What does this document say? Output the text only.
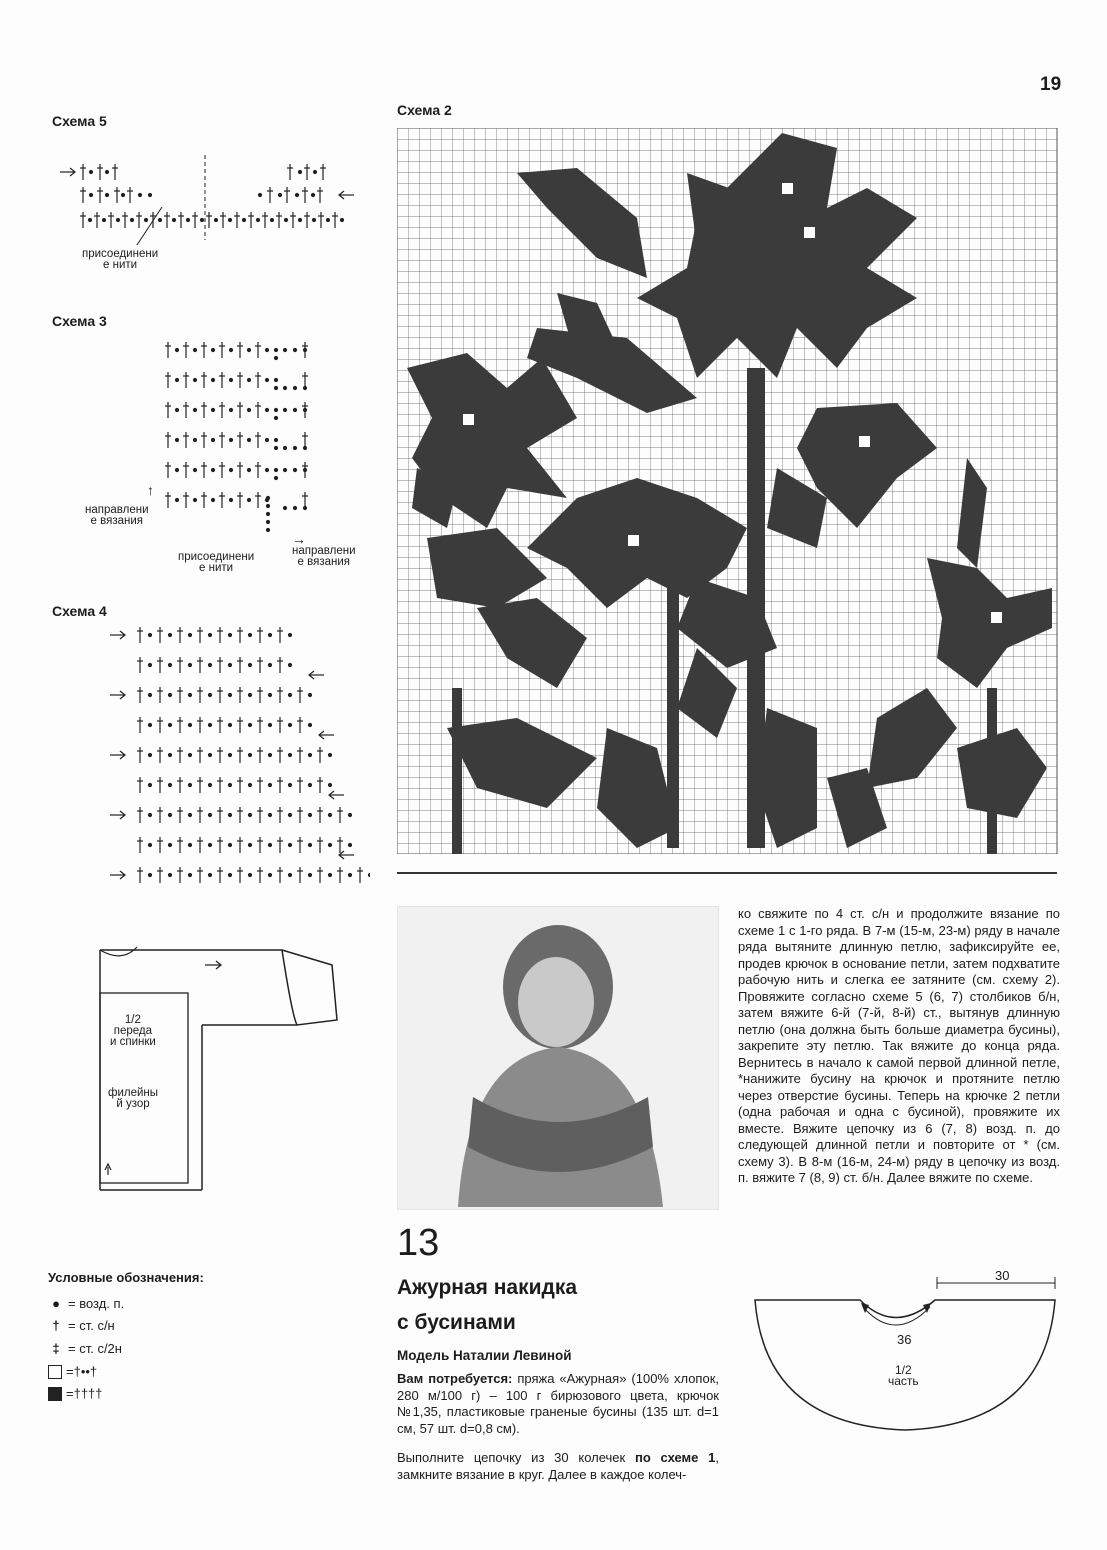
19
Схема 5
присоединени
е нити
Схема 3
↑
направлени
е вязания
присоединени
е нити
→
направлени
е вязания
Схема 4
1/2
переда
и спинки
филейны
й узор
Условные обозначения:
● = возд. п.
† = ст. с/н
‡ = ст. с/2н
=†••†
=††††
Схема 2
13
Ажурная накидка
с бусинами
Модель Наталии Левиной
Вам потребуется: пряжа «Ажурная» (100% хлопок, 280 м/100 г) – 100 г бирюзового цвета, крючок №1,35, пластиковые граненые бусины (135 шт. d=1 см, 57 шт. d=0,8 см).
Выполните цепочку из 30 колечек по схеме 1, замкните вязание в круг. Далее в каждое колеч-
ко свяжите по 4 ст. с/н и продолжите вязание по схеме 1 с 1-го ряда. В 7-м (15-м, 23-м) ряду в начале ряда вытяните длинную петлю, зафиксируйте ее, продев крючок в основание петли, затем подхватите рабочую нить и слегка ее затяните (см. схему 2). Провяжите согласно схеме 5 (6, 7) столбиков б/н, затем вяжите 6-й (7-й, 8-й) ст., вытянув длинную петлю (она должна быть больше диаметра бусины), закрепите эту петлю. Так вяжите до конца ряда. Вернитесь в начало к самой первой длинной петле, *нанижите бусину на крючок и протяните петлю через отверстие бусины. Теперь на крючке 2 петли (одна рабочая и одна с бусиной), провяжите их вместе. Вяжите цепочку из 6 (7, 8) возд. п. до следующей длинной петли и повторите от * (см. схему 3). В 8-м (16-м, 24-м) ряду в цепочку из возд. п. вяжите 7 (8, 9) ст. б/н. Далее вяжите по схеме.
30
36
1/2
часть
